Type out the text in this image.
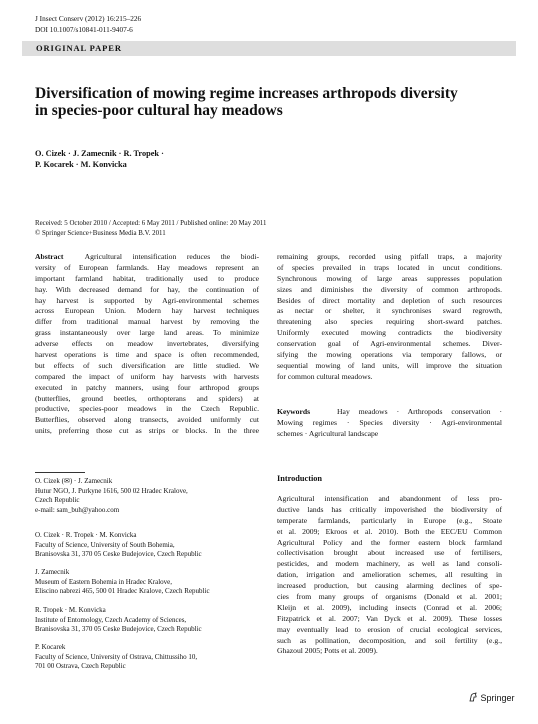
J Insect Conserv (2012) 16:215–226
DOI 10.1007/s10841-011-9407-6
ORIGINAL PAPER
Diversification of mowing regime increases arthropods diversity
in species-poor cultural hay meadows
O. Cizek · J. Zamecnik · R. Tropek ·
P. Kocarek · M. Konvicka
Received: 5 October 2010 / Accepted: 6 May 2011 / Published online: 20 May 2011
© Springer Science+Business Media B.V. 2011
Abstract	Agricultural intensification reduces the biodi-
versity of European farmlands. Hay meadows represent an
important farmland habitat, traditionally used to produce
hay. With decreased demand for hay, the continuation of
hay harvest is supported by Agri-environmental schemes
across European Union. Modern hay harvest techniques
differ from traditional manual harvest by removing the
grass instantaneously over large land areas. To minimize
adverse effects on meadow invertebrates, diversifying
harvest operations is time and space is often recommended,
but effects of such diversification are little studied. We
compared the impact of uniform hay harvests with harvests
executed in patchy manners, using four arthropod groups
(butterflies, ground beetles, orthopterans and spiders) at
productive, species-poor meadows in the Czech Republic.
Butterflies, observed along transects, avoided uniformly cut
units, preferring those cut as strips or blocks. In the three
remaining groups, recorded using pitfall traps, a majority
of species prevailed in traps located in uncut conditions.
Synchronous mowing of large areas suppresses population
sizes and diminishes the diversity of common arthropods.
Besides of direct mortality and depletion of such resources
as nectar or shelter, it synchronises sward regrowth,
threatening also species requiring short-sward patches.
Uniformly executed mowing contradicts the biodiversity
conservation goal of Agri-environmental schemes. Diver-
sifying the mowing operations via temporary fallows, or
sequential mowing of land units, will improve the situation
for common cultural meadows.
Keywords	Hay meadows · Arthropods conservation ·
Mowing regimes · Species diversity · Agri-environmental
schemes · Agricultural landscape
O. Cizek (✉) · J. Zamecnik
Hutur NGO, J. Purkyne 1616, 500 02 Hradec Kralove,
Czech Republic
e-mail: sam_buh@yahoo.com
O. Cizek · R. Tropek · M. Konvicka
Faculty of Science, University of South Bohemia,
Branisovska 31, 370 05 Ceske Budejovice, Czech Republic
J. Zamecnik
Museum of Eastern Bohemia in Hradec Kralove,
Eliscino nabrezi 465, 500 01 Hradec Kralove, Czech Republic
R. Tropek · M. Konvicka
Institute of Entomology, Czech Academy of Sciences,
Branisovska 31, 370 05 Ceske Budejovice, Czech Republic
P. Kocarek
Faculty of Science, University of Ostrava, Chittussiho 10,
701 00 Ostrava, Czech Republic
Introduction
Agricultural intensification and abandonment of less pro-
ductive lands has critically impoverished the biodiversity of
temperate farmlands, particularly in Europe (e.g., Stoate
et al. 2009; Ekroos et al. 2010). Both the EEC/EU Common
Agricultural Policy and the former eastern block farmland
collectivisation brought about increased use of fertilisers,
pesticides, and modern machinery, as well as land consoli-
dation, irrigation and amelioration schemes, all resulting in
increased production, but causing alarming declines of spe-
cies from many groups of organisms (Donald et al. 2001;
Kleijn et al. 2009), including insects (Conrad et al. 2006;
Fitzpatrick et al. 2007; Van Dyck et al. 2009). These losses
may eventually lead to erosion of crucial ecological services,
such as pollination, decomposition, and soil fertility (e.g.,
Ghazoul 2005; Potts et al. 2009).
Springer
